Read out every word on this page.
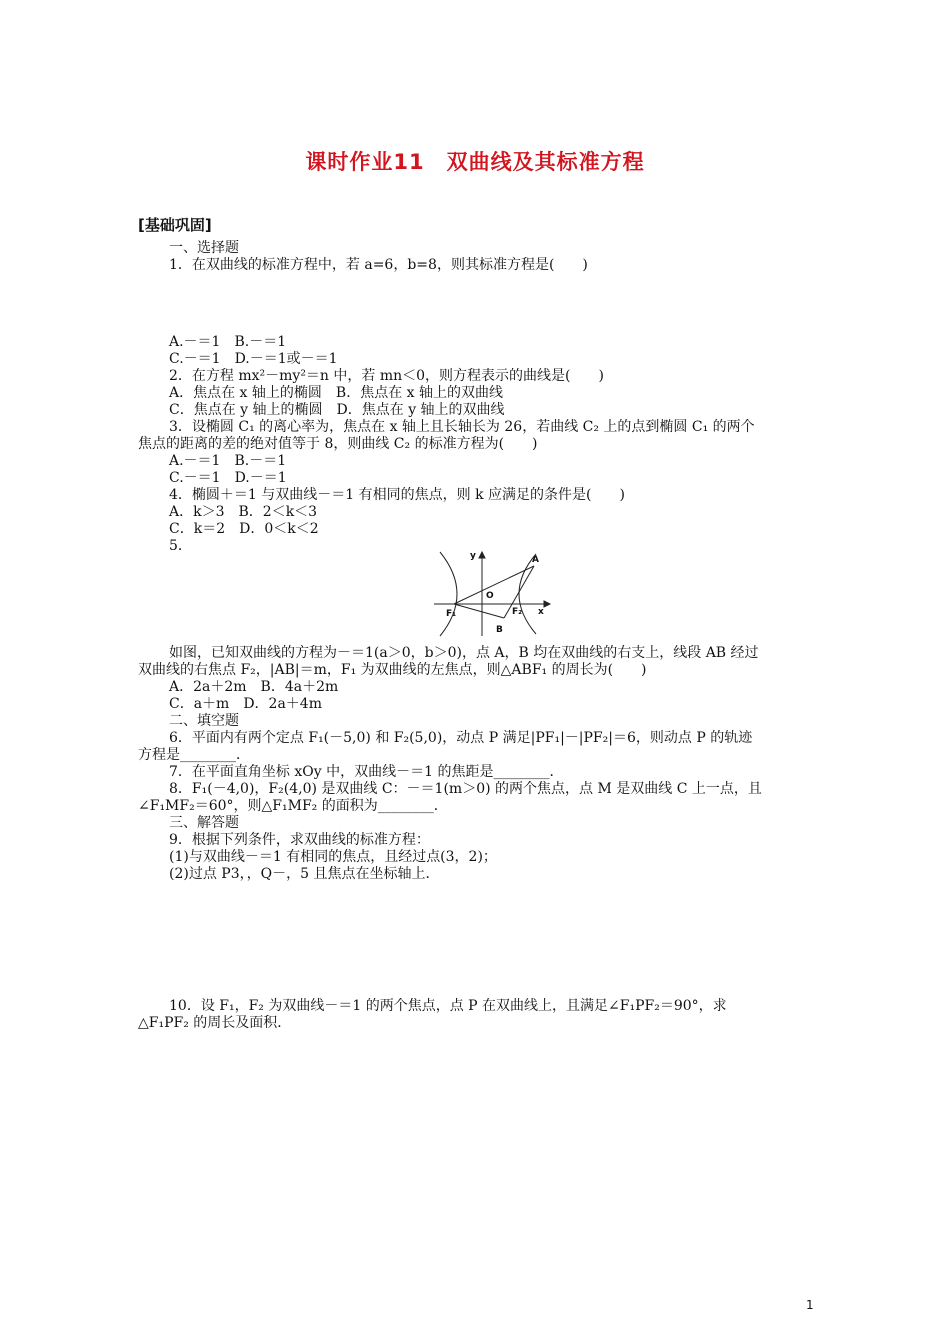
课时作业11　双曲线及其标准方程
[基础巩固]
一、选择题
1．在双曲线的标准方程中，若 a=6，b=8，则其标准方程是(　　)
A.－＝1　B.－＝1
C.－＝1　D.－＝1或－＝1
2．在方程 mx²－my²＝n 中，若 mn＜0，则方程表示的曲线是(　　)
A．焦点在 x 轴上的椭圆　B．焦点在 x 轴上的双曲线
C．焦点在 y 轴上的椭圆　D．焦点在 y 轴上的双曲线
3．设椭圆 C₁ 的离心率为，焦点在 x 轴上且长轴长为 26，若曲线 C₂ 上的点到椭圆 C₁ 的两个
焦点的距离的差的绝对值等于 8，则曲线 C₂ 的标准方程为(　　)
A.－＝1　B.－＝1
C.－＝1　D.－＝1
4．椭圆＋＝1 与双曲线－＝1 有相同的焦点，则 k 应满足的条件是(　　)
A．k＞3　B．2＜k＜3
C．k＝2　D．0＜k＜2
5．
y
x
A
B
O
F₁	F₂
如图，已知双曲线的方程为－＝1(a＞0，b＞0)，点 A，B 均在双曲线的右支上，线段 AB 经过
双曲线的右焦点 F₂，|AB|＝m，F₁ 为双曲线的左焦点，则△ABF₁ 的周长为(　　)
A．2a＋2m　B．4a＋2m
C．a＋m　D．2a＋4m
二、填空题
6．平面内有两个定点 F₁(－5,0) 和 F₂(5,0)，动点 P 满足|PF₁|－|PF₂|＝6，则动点 P 的轨迹
方程是________．
7．在平面直角坐标 xOy 中，双曲线－＝1 的焦距是________．
8．F₁(－4,0)，F₂(4,0) 是双曲线 C：－＝1(m＞0) 的两个焦点，点 M 是双曲线 C 上一点，且
∠F₁MF₂＝60°，则△F₁MF₂ 的面积为________．
三、解答题
9．根据下列条件，求双曲线的标准方程：
(1)与双曲线－＝1 有相同的焦点，且经过点(3，2)；
(2)过点 P3，，Q－，5 且焦点在坐标轴上．
10．设 F₁，F₂ 为双曲线－＝1 的两个焦点，点 P 在双曲线上，且满足∠F₁PF₂＝90°，求
△F₁PF₂ 的周长及面积．
1
